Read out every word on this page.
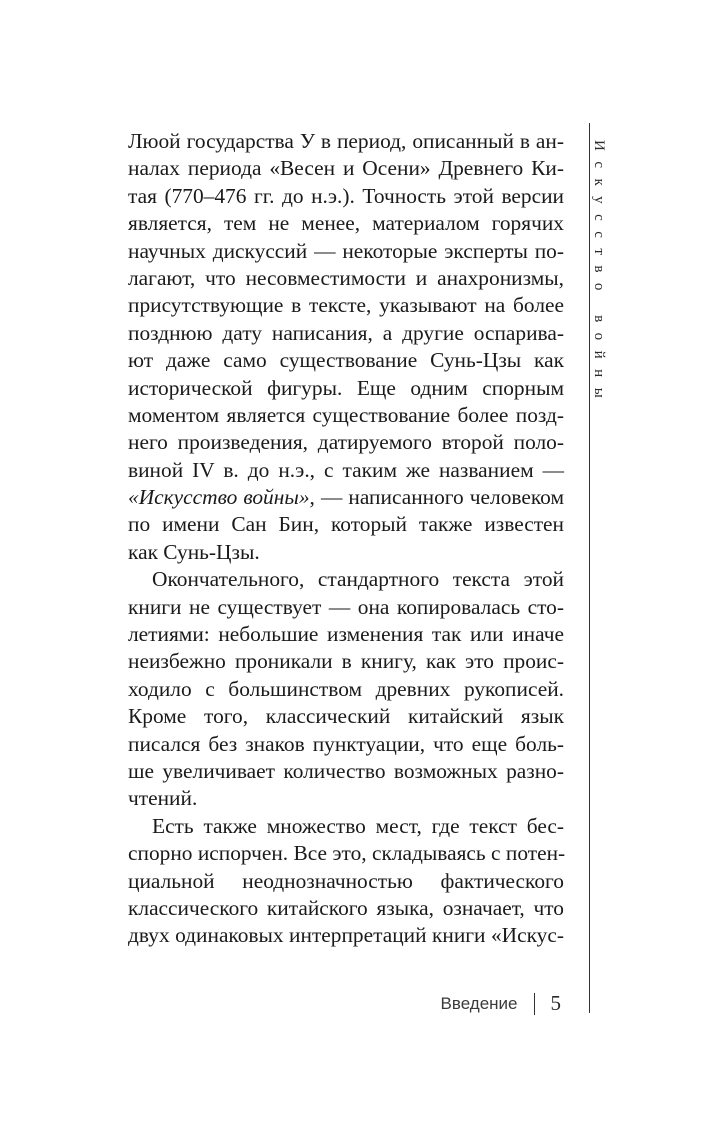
Люой государства У в период, описанный в ан-
налах периода «Весен и Осени» Древнего Ки-
тая (770–476 гг. до н.э.). Точность этой версии
является, тем не менее, материалом горячих
научных дискуссий — некоторые эксперты по-
лагают, что несовместимости и анахронизмы,
присутствующие в тексте, указывают на более
позднюю дату написания, а другие оспарива-
ют даже само существование Сунь-Цзы как
исторической фигуры. Еще одним спорным
моментом является существование более позд-
него произведения, датируемого второй поло-
виной IV в. до н.э., с таким же названием —
«Искусство войны», — написанного человеком
по имени Сан Бин, который также известен
как Сунь-Цзы.
Окончательного, стандартного текста этой
книги не существует — она копировалась сто-
летиями: небольшие изменения так или иначе
неизбежно проникали в книгу, как это проис-
ходило с большинством древних рукописей.
Кроме того, классический китайский язык
писался без знаков пунктуации, что еще боль-
ше увеличивает количество возможных разно-
чтений.
Есть также множество мест, где текст бес-
спорно испорчен. Все это, складываясь с потен-
циальной неоднозначностью фактического
классического китайского языка, означает, что
двух одинаковых интерпретаций книги «Искус-
Искусство войны
Введение 5
